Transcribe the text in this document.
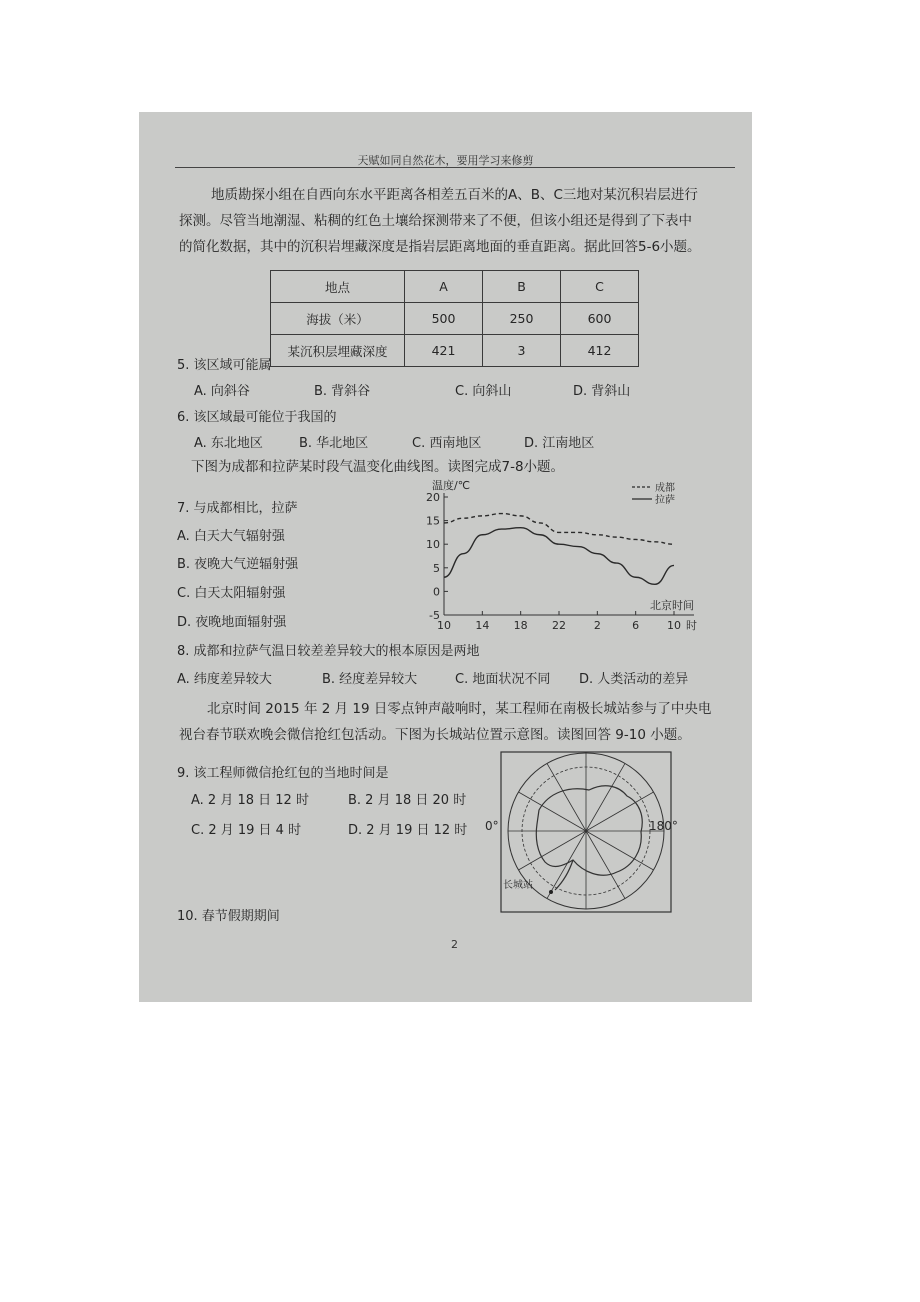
天赋如同自然花木，要用学习来修剪
地质勘探小组在自西向东水平距离各相差五百米的A、B、C三地对某沉积岩层进行
探测。尽管当地潮湿、粘稠的红色土壤给探测带来了不便，但该小组还是得到了下表中
的简化数据，其中的沉积岩埋藏深度是指岩层距离地面的垂直距离。据此回答5-6小题。
地点	A	B	C
海拔（米）	500	250	600
某沉积层埋藏深度	421	3	412
5. 该区域可能属
A. 向斜谷	B. 背斜谷	C. 向斜山	D. 背斜山
6. 该区域最可能位于我国的
A. 东北地区	B. 华北地区	C. 西南地区	D. 江南地区
下图为成都和拉萨某时段气温变化曲线图。读图完成7-8小题。
7. 与成都相比，拉萨
A. 白天大气辐射强
B. 夜晚大气逆辐射强
C. 白天太阳辐射强
D. 夜晚地面辐射强
温度/℃
20
15
10
5
0
-5
10 14 18 22	2	6	10 时
北京时间
成都
拉萨
8. 成都和拉萨气温日较差差异较大的根本原因是两地
A. 纬度差异较大	B. 经度差异较大	C. 地面状况不同 D. 人类活动的差异
北京时间 2015 年 2 月 19 日零点钟声敲响时，某工程师在南极长城站参与了中央电
视台春节联欢晚会微信抢红包活动。下图为长城站位置示意图。读图回答 9-10 小题。
9. 该工程师微信抢红包的当地时间是
A. 2 月 18 日 12 时	B. 2 月 18 日 20 时
C. 2 月 19 日 4 时	D. 2 月 19 日 12 时
10. 春节假期期间
0°	180°
长城站
2
